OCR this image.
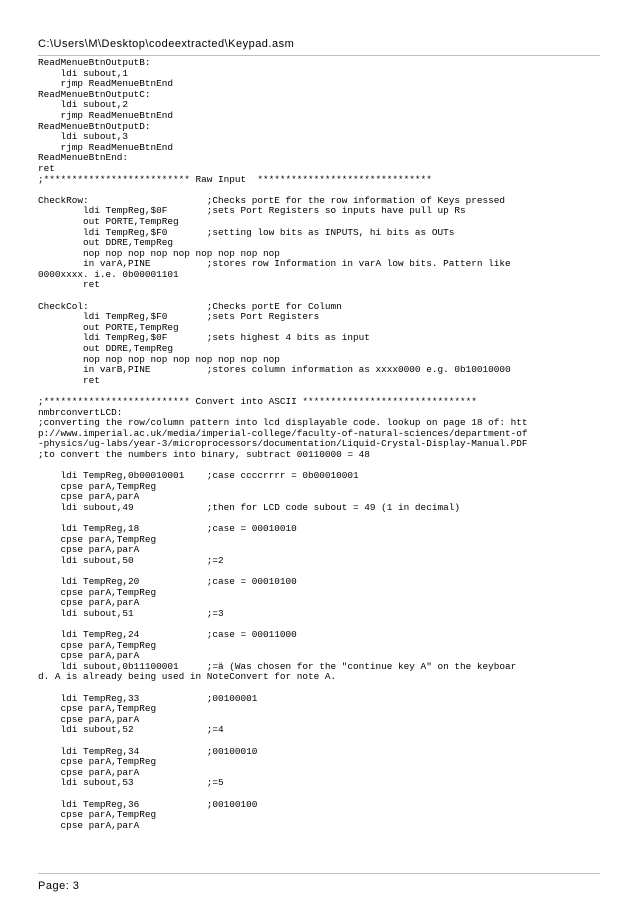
C:\Users\M\Desktop\codeextracted\Keypad.asm
ReadMenueBtnOutputB:
ldi subout,1
rjmp ReadMenueBtnEnd
ReadMenueBtnOutputC:
ldi subout,2
rjmp ReadMenueBtnEnd
ReadMenueBtnOutputD:
ldi subout,3
rjmp ReadMenueBtnEnd
ReadMenueBtnEnd:
ret
;************************** Raw Input  *******************************

CheckRow:                     ;Checks portE for the row information of Keys pressed
ldi TempReg,$0F       ;sets Port Registers so inputs have pull up Rs
out PORTE,TempReg
ldi TempReg,$F0       ;setting low bits as INPUTS, hi bits as OUTs
out DDRE,TempReg
nop nop nop nop nop nop nop nop nop
in varA,PINE          ;stores row Information in varA low bits. Pattern like
0000xxxx. i.e. 0b00001101
ret

CheckCol:                     ;Checks portE for Column
ldi TempReg,$F0       ;sets Port Registers
out PORTE,TempReg
ldi TempReg,$0F       ;sets highest 4 bits as input
out DDRE,TempReg
nop nop nop nop nop nop nop nop nop
in varB,PINE          ;stores column information as xxxx0000 e.g. 0b10010000
ret

;************************** Convert into ASCII *******************************
nmbrconvertLCD:
;converting the row/column pattern into lcd displayable code. lookup on page 18 of: htt
p://www.imperial.ac.uk/media/imperial-college/faculty-of-natural-sciences/department-of
-physics/ug-labs/year-3/microprocessors/documentation/Liquid-Crystal-Display-Manual.PDF
;to convert the numbers into binary, subtract 00110000 = 48

ldi TempReg,0b00010001    ;case ccccrrrr = 0b00010001
cpse parA,TempReg
cpse parA,parA
ldi subout,49             ;then for LCD code subout = 49 (1 in decimal)

ldi TempReg,18            ;case = 00010010
cpse parA,TempReg
cpse parA,parA
ldi subout,50             ;=2

ldi TempReg,20            ;case = 00010100
cpse parA,TempReg
cpse parA,parA
ldi subout,51             ;=3

ldi TempReg,24            ;case = 00011000
cpse parA,TempReg
cpse parA,parA
ldi subout,0b11100001     ;=ä (Was chosen for the "continue key A" on the keyboar
d. A is already being used in NoteConvert for note A.

ldi TempReg,33            ;00100001
cpse parA,TempReg
cpse parA,parA
ldi subout,52             ;=4

ldi TempReg,34            ;00100010
cpse parA,TempReg
cpse parA,parA
ldi subout,53             ;=5

ldi TempReg,36            ;00100100
cpse parA,TempReg
cpse parA,parA
Page: 3
